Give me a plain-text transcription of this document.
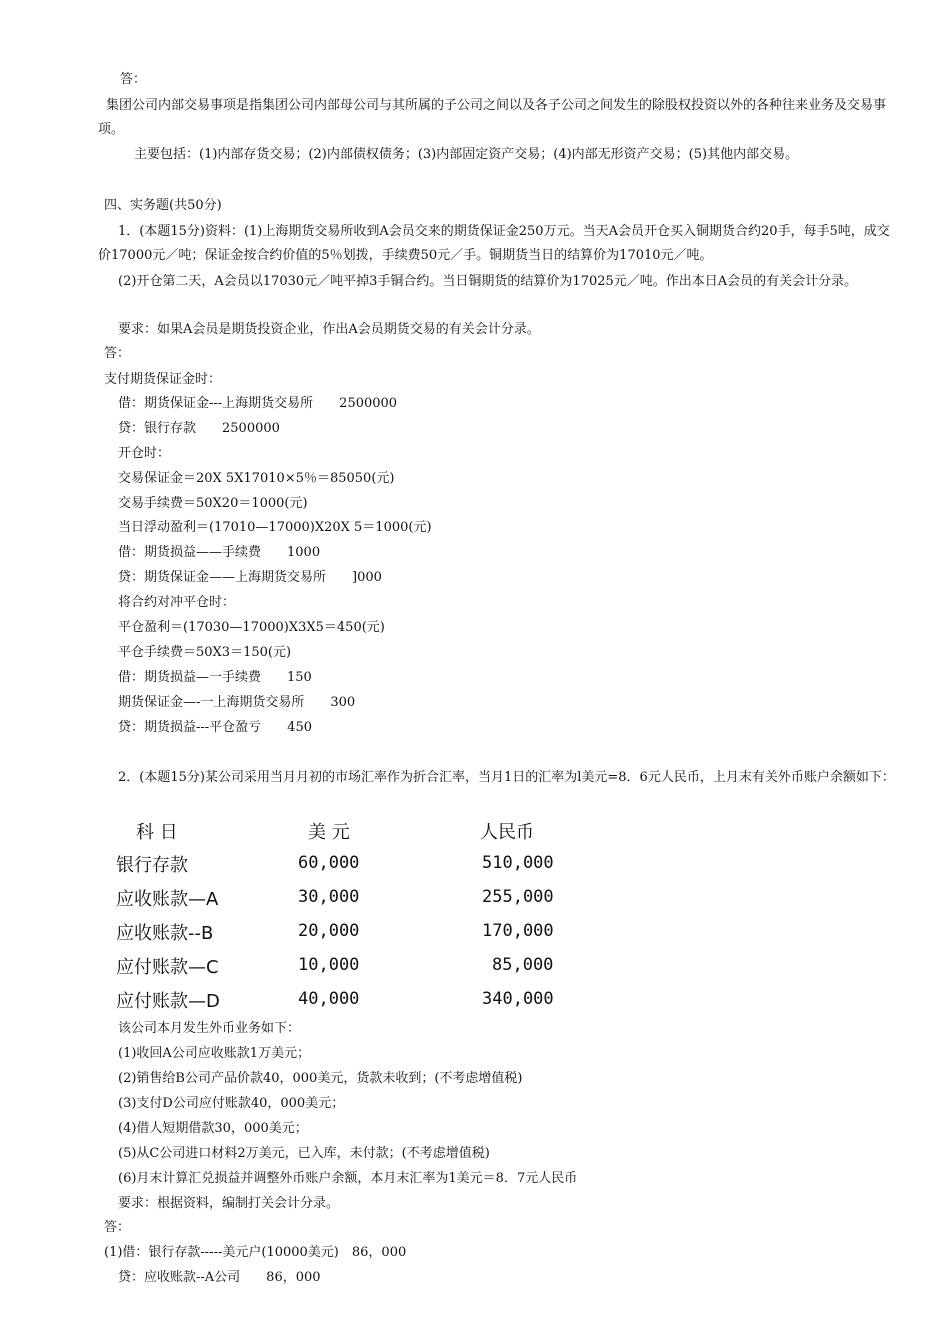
答：
集团公司内部交易事项是指集团公司内部母公司与其所属的子公司之间以及各子公司之间发生的除股权投资以外的各种往来业务及交易事项。
主要包括：(1)内部存货交易；(2)内部债权债务；(3)内部固定资产交易；(4)内部无形资产交易；(5)其他内部交易。
四、实务题(共50分)
1．(本题15分)资料：(1)上海期货交易所收到A会员交来的期货保证金250万元。当天A会员开仓买入铜期货合约20手，每手5吨，成交价17000元／吨；保证金按合约价值的5％划拨，手续费50元／手。铜期货当日的结算价为17010元／吨。
(2)开仓第二天，A会员以17030元／吨平掉3手铜合约。当日铜期货的结算价为17025元／吨。作出本日A会员的有关会计分录。
要求：如果A会员是期货投资企业，作出A会员期货交易的有关会计分录。
答：
支付期货保证金时：
借：期货保证金---上海期货交易所　　2500000
贷：银行存款　　2500000
开仓时：
交易保证金＝20X 5X17010×5％＝85050(元)
交易手续费＝50X20＝1000(元)
当日浮动盈利＝(17010—17000)X20X 5＝1000(元)
借：期货损益——手续费　　1000
贷：期货保证金——上海期货交易所　　]000
将合约对冲平仓时：
平仓盈利＝(17030—17000)X3X5＝450(元)
平仓手续费＝50X3＝150(元)
借：期货损益—一手续费　　150
期货保证金—-一上海期货交易所　　300
贷：期货损益---平仓盈亏　　450
2．(本题15分)某公司采用当月月初的市场汇率作为折合汇率，当月1日的汇率为l美元=8．6元人民币，上月末有关外币账户余额如下：
科 日	美 元	人民币
银行存款	60,000	510,000
应收账款—A	30,000	255,000
应收账款--B	20,000	170,000
应付账款—C	10,000	85,000
应付账款—D	40,000	340,000
该公司本月发生外币业务如下：
(1)收回A公司应收账款1万美元；
(2)销售给B公司产品价款40，000美元，货款未收到；(不考虑增值税)
(3)支付D公司应付账款40，000美元；
(4)借人短期借款30，000美元；
(5)从C公司进口材料2万美元，已入库，未付款；(不考虑增值税)
(6)月末计算汇兑损益并调整外币账户余额，本月末汇率为1美元＝8．7元人民币
要求：根据资料，编制打关会计分录。
答：
(1)借：银行存款-----美元户(10000美元)　86，000
贷：应收账款--A公司　　86，000
